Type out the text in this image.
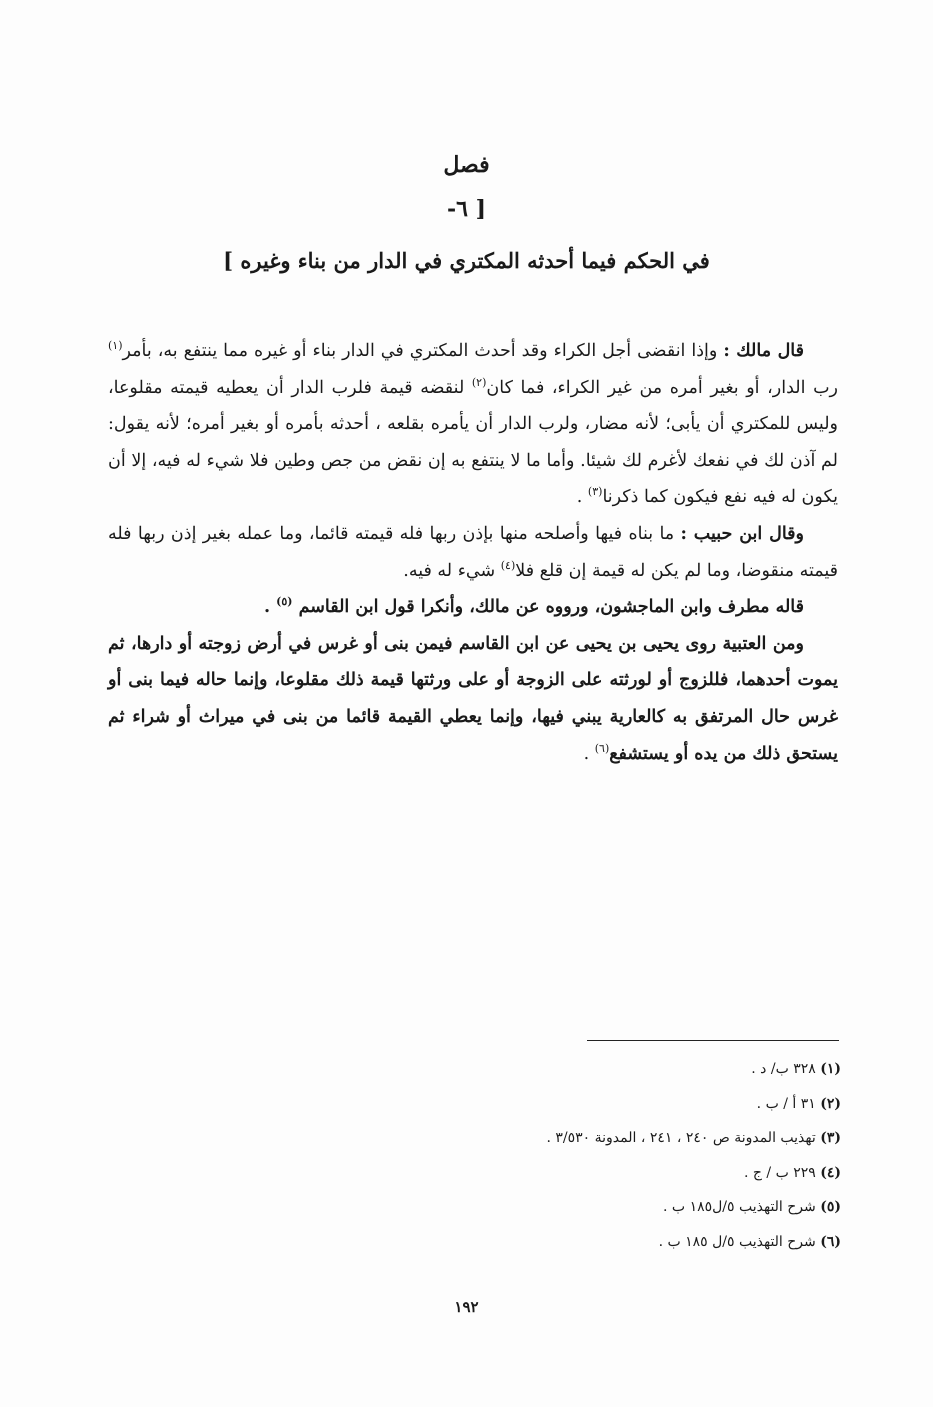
فصل
[ ٦-
في الحكم فيما أحدثه المكتري في الدار من بناء وغيره ]

قال مالك : وإذا انقضى أجل الكراء وقد أحدث المكتري في الدار بناء أو غيره مما ينتفع به، بأمر$^{(١)}$ رب الدار، أو بغير أمره من غير الكراء، فما كان$^{(٢)}$ لنقضه قيمة فلرب الدار أن يعطيه قيمته مقلوعا، وليس للمكتري أن يأبى؛ لأنه مضار، ولرب الدار أن يأمره بقلعه ، أحدثه بأمره أو بغير أمره؛ لأنه يقول: لم آذن لك في نفعك لأغرم لك شيئا. وأما ما لا ينتفع به إن نقض من جص وطين فلا شيء له فيه، إلا أن يكون له فيه نفع فيكون كما ذكرنا$^{(٣)}$ .

وقال ابن حبيب : ما بناه فيها وأصلحه منها بإذن ربها فله قيمته قائما، وما عمله بغير إذن ربها فله قيمته منقوضا، وما لم يكن له قيمة إن قلع فلا$^{(٤)}$ شيء له فيه.

قاله مطرف وابن الماجشون، ورووه عن مالك، وأنكرا قول ابن القاسم $^{(٥)}$ .

ومن العتبية روى يحيى بن يحيى عن ابن القاسم فيمن بنى أو غرس في أرض زوجته أو دارها، ثم يموت أحدهما، فللزوج أو لورثته على الزوجة أو على ورثتها قيمة ذلك مقلوعا، وإنما حاله فيما بنى أو غرس حال المرتفق به كالعارية يبني فيها، وإنما يعطي القيمة قائما من بنى في ميراث أو شراء ثم يستحق ذلك من يده أو يستشفع$^{(٦)}$ .

(١) ٣٢٨ ب/ د .
(٢) ٣١ أ / ب .
(٣) تهذيب المدونة ص ٢٤٠ ، ٢٤١ ، المدونة ٣/٥٣٠ .
(٤) ٢٢٩ ب / ج .
(٥) شرح التهذيب ٥/ل١٨٥ ب .
(٦) شرح التهذيب ٥/ل ١٨٥ ب .
١٩٢
